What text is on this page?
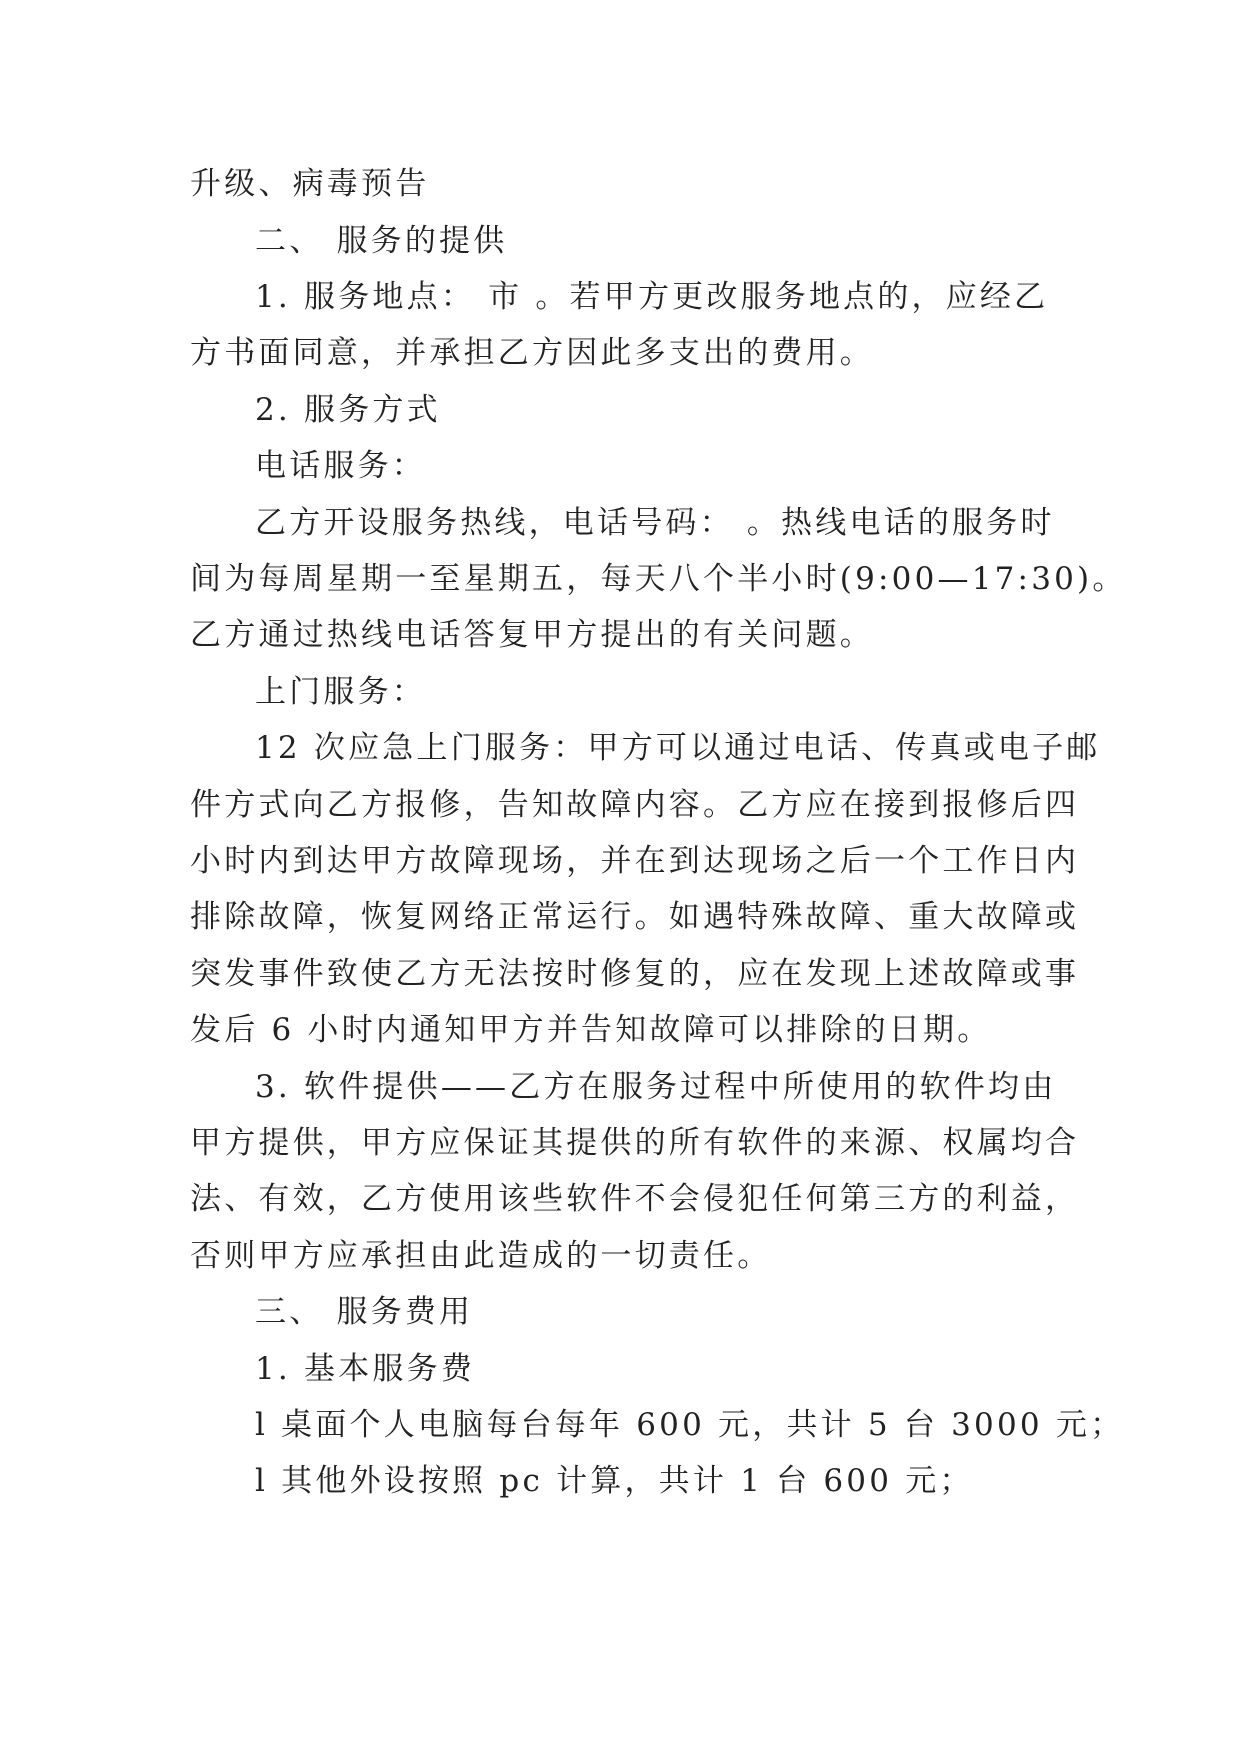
升级、病毒预告
二、 服务的提供
1. 服务地点： 市 。若甲方更改服务地点的，应经乙
方书面同意，并承担乙方因此多支出的费用。
2. 服务方式
电话服务：
乙方开设服务热线，电话号码： 。热线电话的服务时
间为每周星期一至星期五，每天八个半小时(9:00—17:30)。
乙方通过热线电话答复甲方提出的有关问题。
上门服务：
12 次应急上门服务：甲方可以通过电话、传真或电子邮
件方式向乙方报修，告知故障内容。乙方应在接到报修后四
小时内到达甲方故障现场，并在到达现场之后一个工作日内
排除故障，恢复网络正常运行。如遇特殊故障、重大故障或
突发事件致使乙方无法按时修复的，应在发现上述故障或事
发后 6 小时内通知甲方并告知故障可以排除的日期。
3. 软件提供——乙方在服务过程中所使用的软件均由
甲方提供，甲方应保证其提供的所有软件的来源、权属均合
法、有效，乙方使用该些软件不会侵犯任何第三方的利益，
否则甲方应承担由此造成的一切责任。
三、 服务费用
1. 基本服务费
l 桌面个人电脑每台每年 600 元，共计 5 台 3000 元；
l 其他外设按照 pc 计算，共计 1 台 600 元；
